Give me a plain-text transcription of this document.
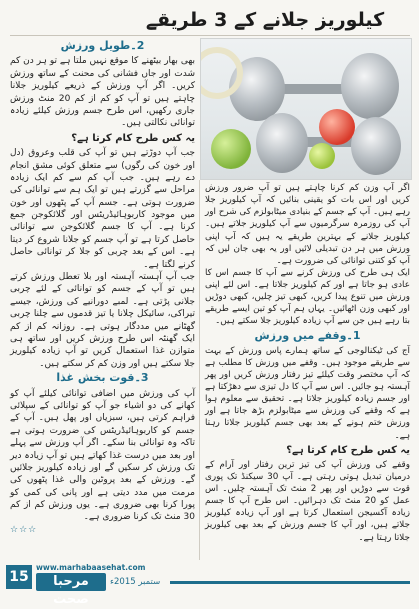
کیلوریز جلانے کے 3 طریقے
2۔طویل ورزش

بھی بھار بیٹھنے کا موقع نہیں ملتا ہے تو ہر دن کم شدت اور جاں فشانی کی محنت کے ساتھ ورزش کریں۔ اگر آپ ورزش کے ذریعے کیلوریز جلانا چاہتے ہیں تو آپ کو کم از کم 20 منٹ ورزش جاری رکھیں، اس طرح جسم ورزش کیلئے زیادہ توانائی نکالتی ہیں۔

یہ کس طرح کام کرتا ہے؟

جب آپ دوڑتے ہیں تو آپ کی قلب وعروق (دل اور خون کی رگوں) سے متعلق کوئی مشق انجام دے رہے ہیں۔ جب آپ کم سے کم ایک زیادہ مراحل سے گزرتے ہیں تو ایک ہم سے توانائی کی ضرورت ہوتی ہے۔ جسم آپ کے پٹھوں اور خون میں موجود کاربوہائیڈریٹس اور گلائکوجن جمع کرنا ہے۔ آپ کا جسم گلائکوجن سے توانائی حاصل کرتا ہے تو آپ جسم کو جلانا شروع کر دیتا ہے۔ اس کے بعد چربی کو جلا کر توانائی حاصل کرنے لگتا ہے۔

جب آپ آہستہ آہستہ اور بلا تعطل ورزش کرتے ہیں تو آپ کے جسم کو توانائی کے لئے چربی جلانی پڑتی ہے۔ لمبے دورانیے کی ورزش، جیسے تیراکی، سائیکل چلانا یا تیز قدموں سے چلنا چربی گھٹانے میں مددگار ہوتی ہے۔ روزانہ کم از کم ایک گھنٹہ اس طرح ورزش کریں اور ساتھ ہی متوازن غذا استعمال کریں تو آپ زیادہ کیلوریز جلا سکتے ہیں اور وزن کم کر سکتے ہیں۔

3۔قوت بخش غذا

آپ کی ورزش میں اضافی توانائی کیلئے آپ کو کھانے کی دو اشیاء جو آپ کو توانائی کے سپلائی فراہم کرتی ہیں، سبزیاں اور پھل ہیں۔ آپ کے جسم کو کاربوہائیڈریٹس کی ضرورت ہوتی ہے تاکہ وہ توانائی بنا سکے۔ اگر آپ ورزش سے پہلے اور بعد میں درست غذا کھاتے ہیں تو آپ زیادہ دیر تک ورزش کر سکیں گے اور زیادہ کیلوریز جلائیں گے۔ ورزش کے بعد پروٹین والی غذا پٹھوں کی مرمت میں مدد دیتی ہے اور پانی کی کمی کو پورا کرنا بھی ضروری ہے۔ یوں ورزش کم از کم 30 منٹ تک کرنا ضروری ہے۔

☆☆☆

اگر آپ وزن کم کرنا چاہتے ہیں تو آپ ضرور ورزش کریں اور اس بات کو یقینی بنائیں کہ آپ کیلوریز جلا رہے ہیں۔ آپ کے جسم کے بنیادی میٹابولزم کی شرح اور آپ کی روزمرہ سرگرمیوں سے آپ کیلوریز جلاتے ہیں۔ کیلوریز جلانے کے بہترین طریقے یہ ہیں کہ آپ اپنی ورزش میں ہر دن تبدیلی لائیں اور یہ بھی جان لیں کہ آپ کو کتنی توانائی کی ضرورت ہے۔

ایک ہی طرح کی ورزش کرنے سے آپ کا جسم اس کا عادی ہو جاتا ہے اور کم کیلوریز جلاتا ہے۔ اس لئے اپنی ورزش میں تنوع پیدا کریں، کبھی تیز چلیں، کبھی دوڑیں اور کبھی وزن اٹھائیں۔ یہاں ہم آپ کو تین ایسے طریقے بتا رہے ہیں جن سے آپ زیادہ کیلوریز جلا سکتے ہیں۔

1۔وقفے میں ورزش

آج کی ٹیکنالوجی کے ساتھ ہمارے پاس ورزش کے بہت سے طریقے موجود ہیں۔ وقفے میں ورزش کا مطلب ہے کہ آپ مختصر وقت کیلئے تیز رفتار ورزش کریں اور پھر آہستہ ہو جائیں۔ اس سے آپ کا دل تیزی سے دھڑکتا ہے اور جسم زیادہ کیلوریز جلاتا ہے۔ تحقیق سے معلوم ہوا ہے کہ وقفے کی ورزش سے میٹابولزم بڑھ جاتا ہے اور ورزش ختم ہونے کے بعد بھی جسم کیلوریز جلاتا رہتا ہے۔

یہ کس طرح کام کرتا ہے؟

وقفے کی ورزش آپ کی تیز ترین رفتار اور آرام کے درمیان تبدیل ہوتی رہتی ہے۔ آپ 30 سیکنڈ تک پوری قوت سے دوڑیں اور پھر 2 منٹ تک آہستہ چلیں۔ اس عمل کو 20 منٹ تک دہرائیں۔ اس طرح آپ کا جسم زیادہ آکسیجن استعمال کرتا ہے اور آپ زیادہ کیلوریز جلاتے ہیں، اور آپ کا جسم ورزش کے بعد بھی کیلوریز جلاتا رہتا ہے۔

15
www.marhabaasehat.com
مرحبا صحت
ستمبر 2015ء
